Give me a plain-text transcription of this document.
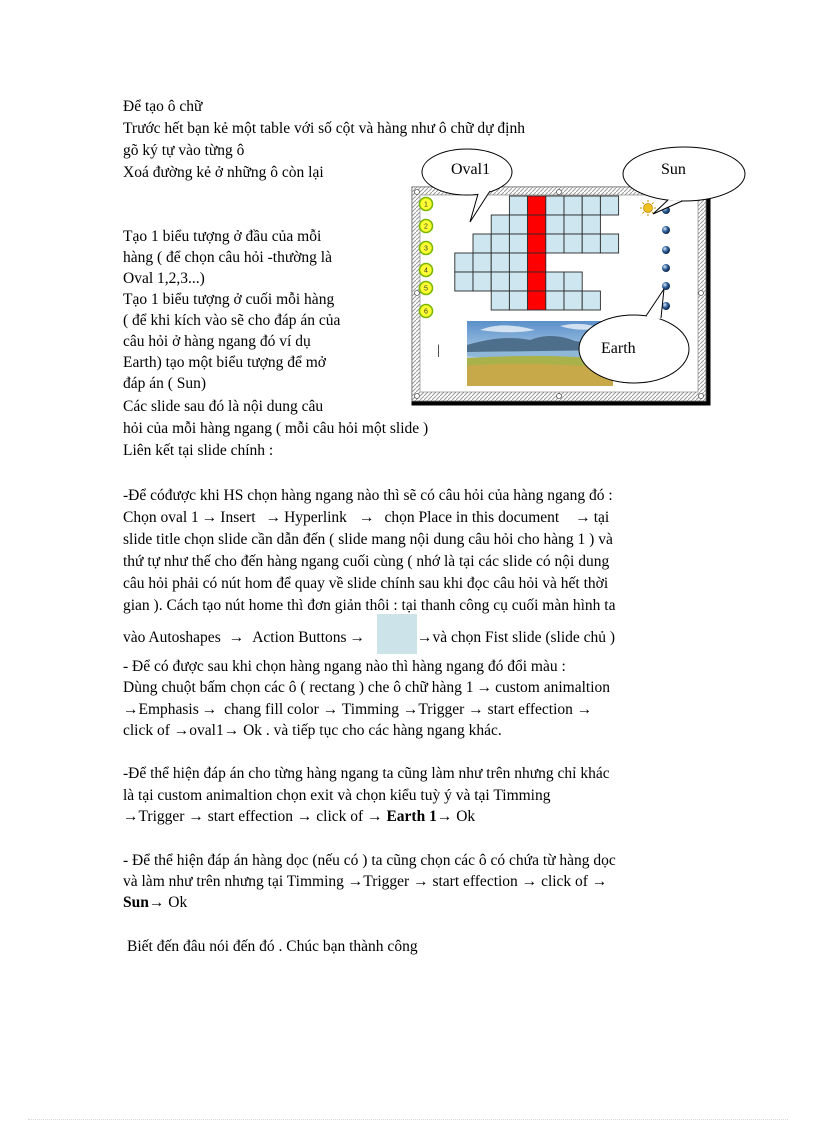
Để tạo ô chữ
Trước hết bạn kẻ một table với số cột và hàng như ô chữ dự định
gõ ký tự vào từng ô
Xoá đường kẻ ở những ô còn lại
Tạo 1 biểu tượng ở đầu của mỗi
hàng ( để chọn câu hỏi -thường là
Oval 1,2,3...)
Tạo 1 biểu tượng ở cuối mỗi hàng
( để khi kích vào sẽ cho đáp án của
câu hỏi ở hàng ngang đó ví dụ
Earth) tạo một biểu tượng để mở
đáp án ( Sun)
Các slide sau đó là nội dung câu
hỏi của mỗi hàng ngang ( mỗi câu hỏi một slide )
Liên kết tại slide chính :
1
2
3
4
5
6
Oval1	Sun
Earth
|
-Để cóđược khi HS chọn hàng ngang nào thì sẽ có câu hỏi của hàng ngang đó :
Chọn oval 1 → Insert → Hyperlink → chọn Place in this document → tại
slide title chọn slide cần dẫn đến ( slide mang nội dung câu hỏi cho hàng 1 ) và
thứ tự như thế cho đến hàng ngang cuối cùng ( nhớ là tại các slide có nội dung
câu hỏi phải có nút hom để quay về slide chính sau khi đọc câu hỏi và hết thời
gian ). Cách tạo nút home thì đơn giản thôi : tại thanh công cụ cuối màn hình ta
vào Autoshapes → Action Buttons →	→và chọn Fist slide (slide chủ )
- Để có được sau khi chọn hàng ngang nào thì hàng ngang đó đổi màu :
Dùng chuột bấm chọn các ô ( rectang ) che ô chữ hàng 1 → custom animaltion
→Emphasis → chang fill color → Timming →Trigger → start effection →
click of →oval1→ Ok . và tiếp tục cho các hàng ngang khác.
-Để thể hiện đáp án cho từng hàng ngang ta cũng làm như trên nhưng chỉ khác
là tại custom animaltion chọn exit và chọn kiểu tuỳ ý và tại Timming
→Trigger → start effection → click of → Earth 1→ Ok
- Để thể hiện đáp án hàng dọc (nếu có ) ta cũng chọn các ô có chứa từ hàng dọc
và làm như trên nhưng tại Timming →Trigger → start effection → click of →
Sun→ Ok
Biết đến đâu nói đến đó . Chúc bạn thành công
